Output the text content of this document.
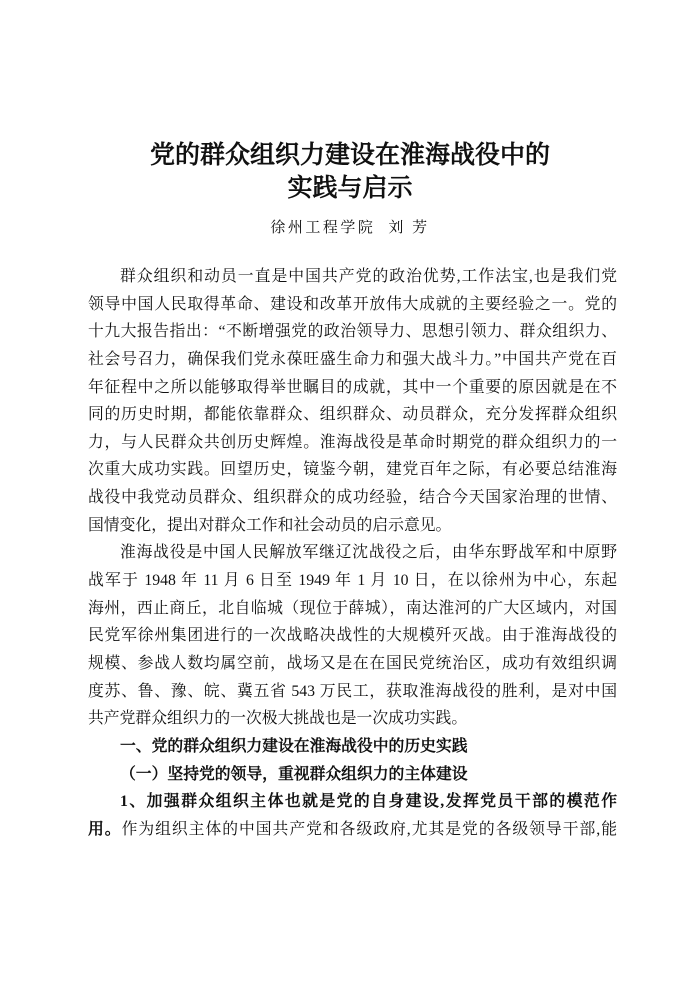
党的群众组织力建设在淮海战役中的
实践与启示
徐州工程学院 刘 芳
群众组织和动员一直是中国共产党的政治优势,工作法宝,也是我们党
领导中国人民取得革命、建设和改革开放伟大成就的主要经验之一。党的
十九大报告指出：“不断增强党的政治领导力、思想引领力、群众组织力、
社会号召力，确保我们党永葆旺盛生命力和强大战斗力。”中国共产党在百
年征程中之所以能够取得举世瞩目的成就，其中一个重要的原因就是在不
同的历史时期，都能依靠群众、组织群众、动员群众，充分发挥群众组织
力，与人民群众共创历史辉煌。淮海战役是革命时期党的群众组织力的一
次重大成功实践。回望历史，镜鉴今朝，建党百年之际，有必要总结淮海
战役中我党动员群众、组织群众的成功经验，结合今天国家治理的世情、
国情变化，提出对群众工作和社会动员的启示意见。
淮海战役是中国人民解放军继辽沈战役之后，由华东野战军和中原野
战军于 1948 年 11 月 6 日至 1949 年 1 月 10 日，在以徐州为中心，东起
海州，西止商丘，北自临城（现位于薛城），南达淮河的广大区域内，对国
民党军徐州集团进行的一次战略决战性的大规模歼灭战。由于淮海战役的
规模、参战人数均属空前，战场又是在在国民党统治区，成功有效组织调
度苏、鲁、豫、皖、冀五省 543 万民工，获取淮海战役的胜利，是对中国
共产党群众组织力的一次极大挑战也是一次成功实践。
一、党的群众组织力建设在淮海战役中的历史实践
（一）坚持党的领导，重视群众组织力的主体建设
1、加强群众组织主体也就是党的自身建设,发挥党员干部的模范作
用。作为组织主体的中国共产党和各级政府,尤其是党的各级领导干部,能
